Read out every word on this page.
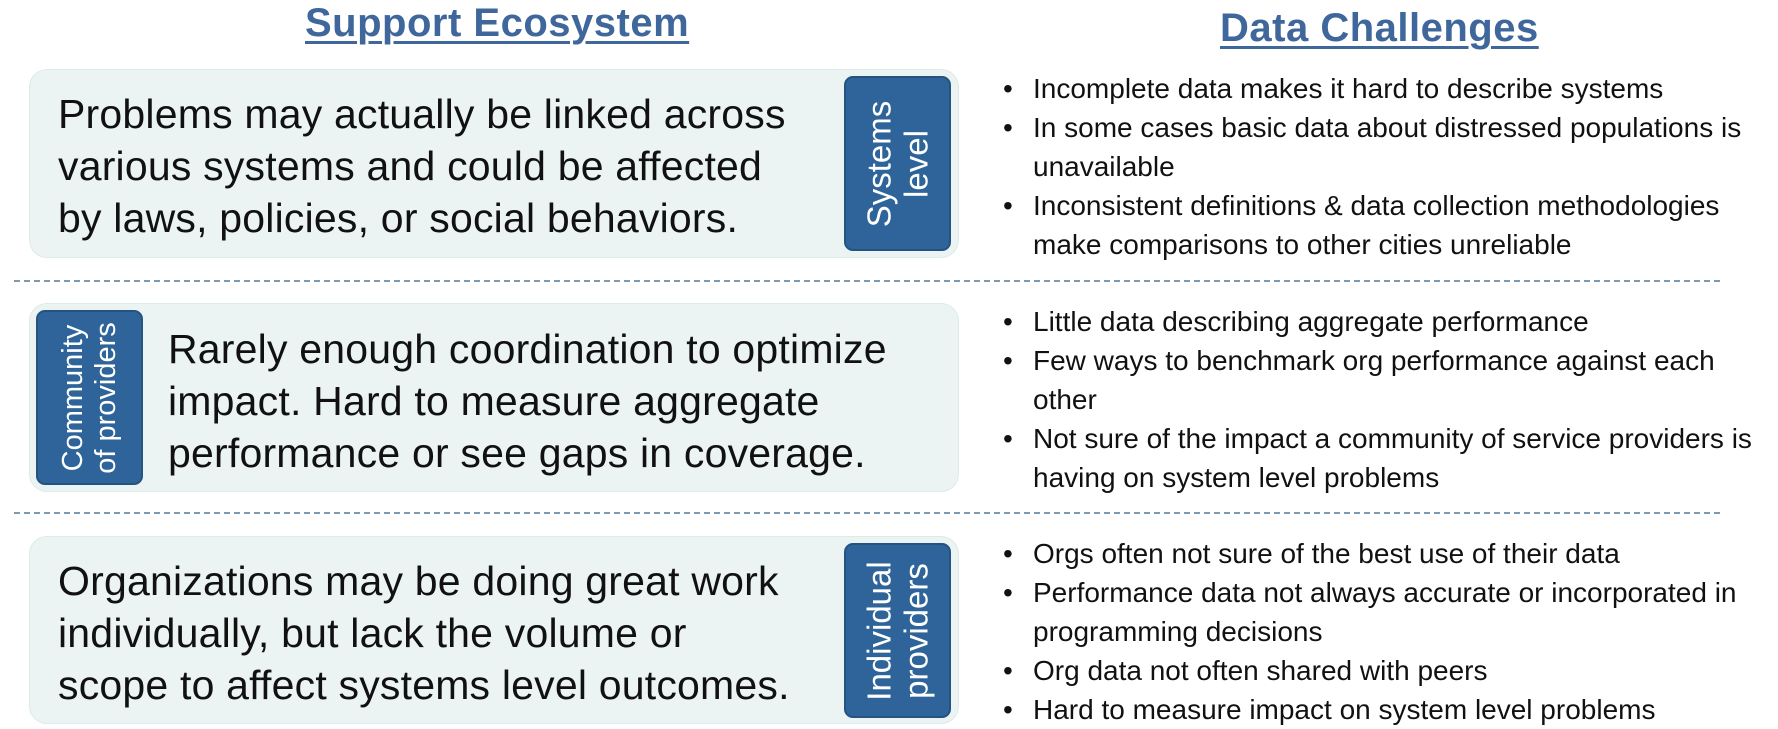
Support Ecosystem	Data Challenges
Problems may actually be linked across
various systems and could be affected
by laws, policies, or social behaviors.	Systems level
• Incomplete data makes it hard to describe systems
• In some cases basic data about distressed populations is unavailable
• Inconsistent definitions & data collection methodologies make comparisons to other cities unreliable
Community of providers Rarely enough coordination to optimize
impact. Hard to measure aggregate
performance or see gaps in coverage.
• Little data describing aggregate performance
• Few ways to benchmark org performance against each other
• Not sure of the impact a community of service providers is having on system level problems
Organizations may be doing great work
individually, but lack the volume or
scope to affect systems level outcomes. Individual providers
• Orgs often not sure of the best use of their data
• Performance data not always accurate or incorporated in programming decisions
• Org data not often shared with peers
• Hard to measure impact on system level problems
